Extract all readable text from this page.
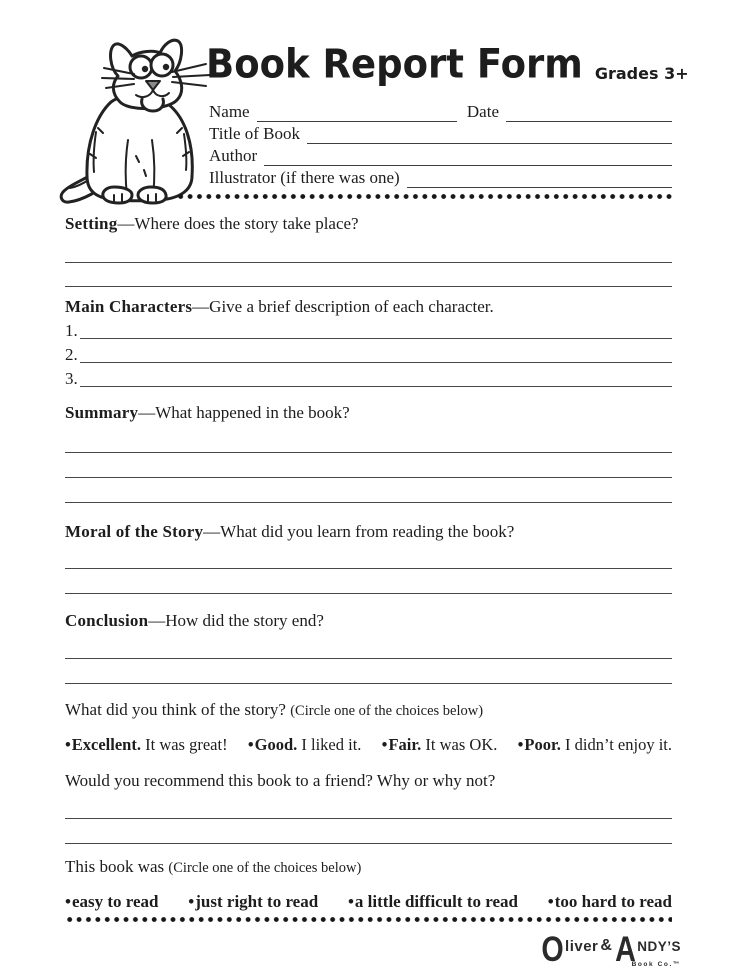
Book Report Form Grades 3+
Name	Date
Title of Book
Author
Illustrator (if there was one)

Setting—Where does the story take place?

Main Characters—Give a brief description of each character.

1.
2.
3.

Summary—What happened in the book?

Moral of the Story—What did you learn from reading the book?

Conclusion—How did the story end?

What did you think of the story? (Circle one of the choices below)

•Excellent. It was great! •Good. I liked it. •Fair. It was OK. •Poor. I didn’t enjoy it.

Would you recommend this book to a friend? Why or why not?

This book was (Circle one of the choices below)

•easy to read •just right to read •a little difficult to read •too hard to read
O liver & A NDY’S
Book Co.™
